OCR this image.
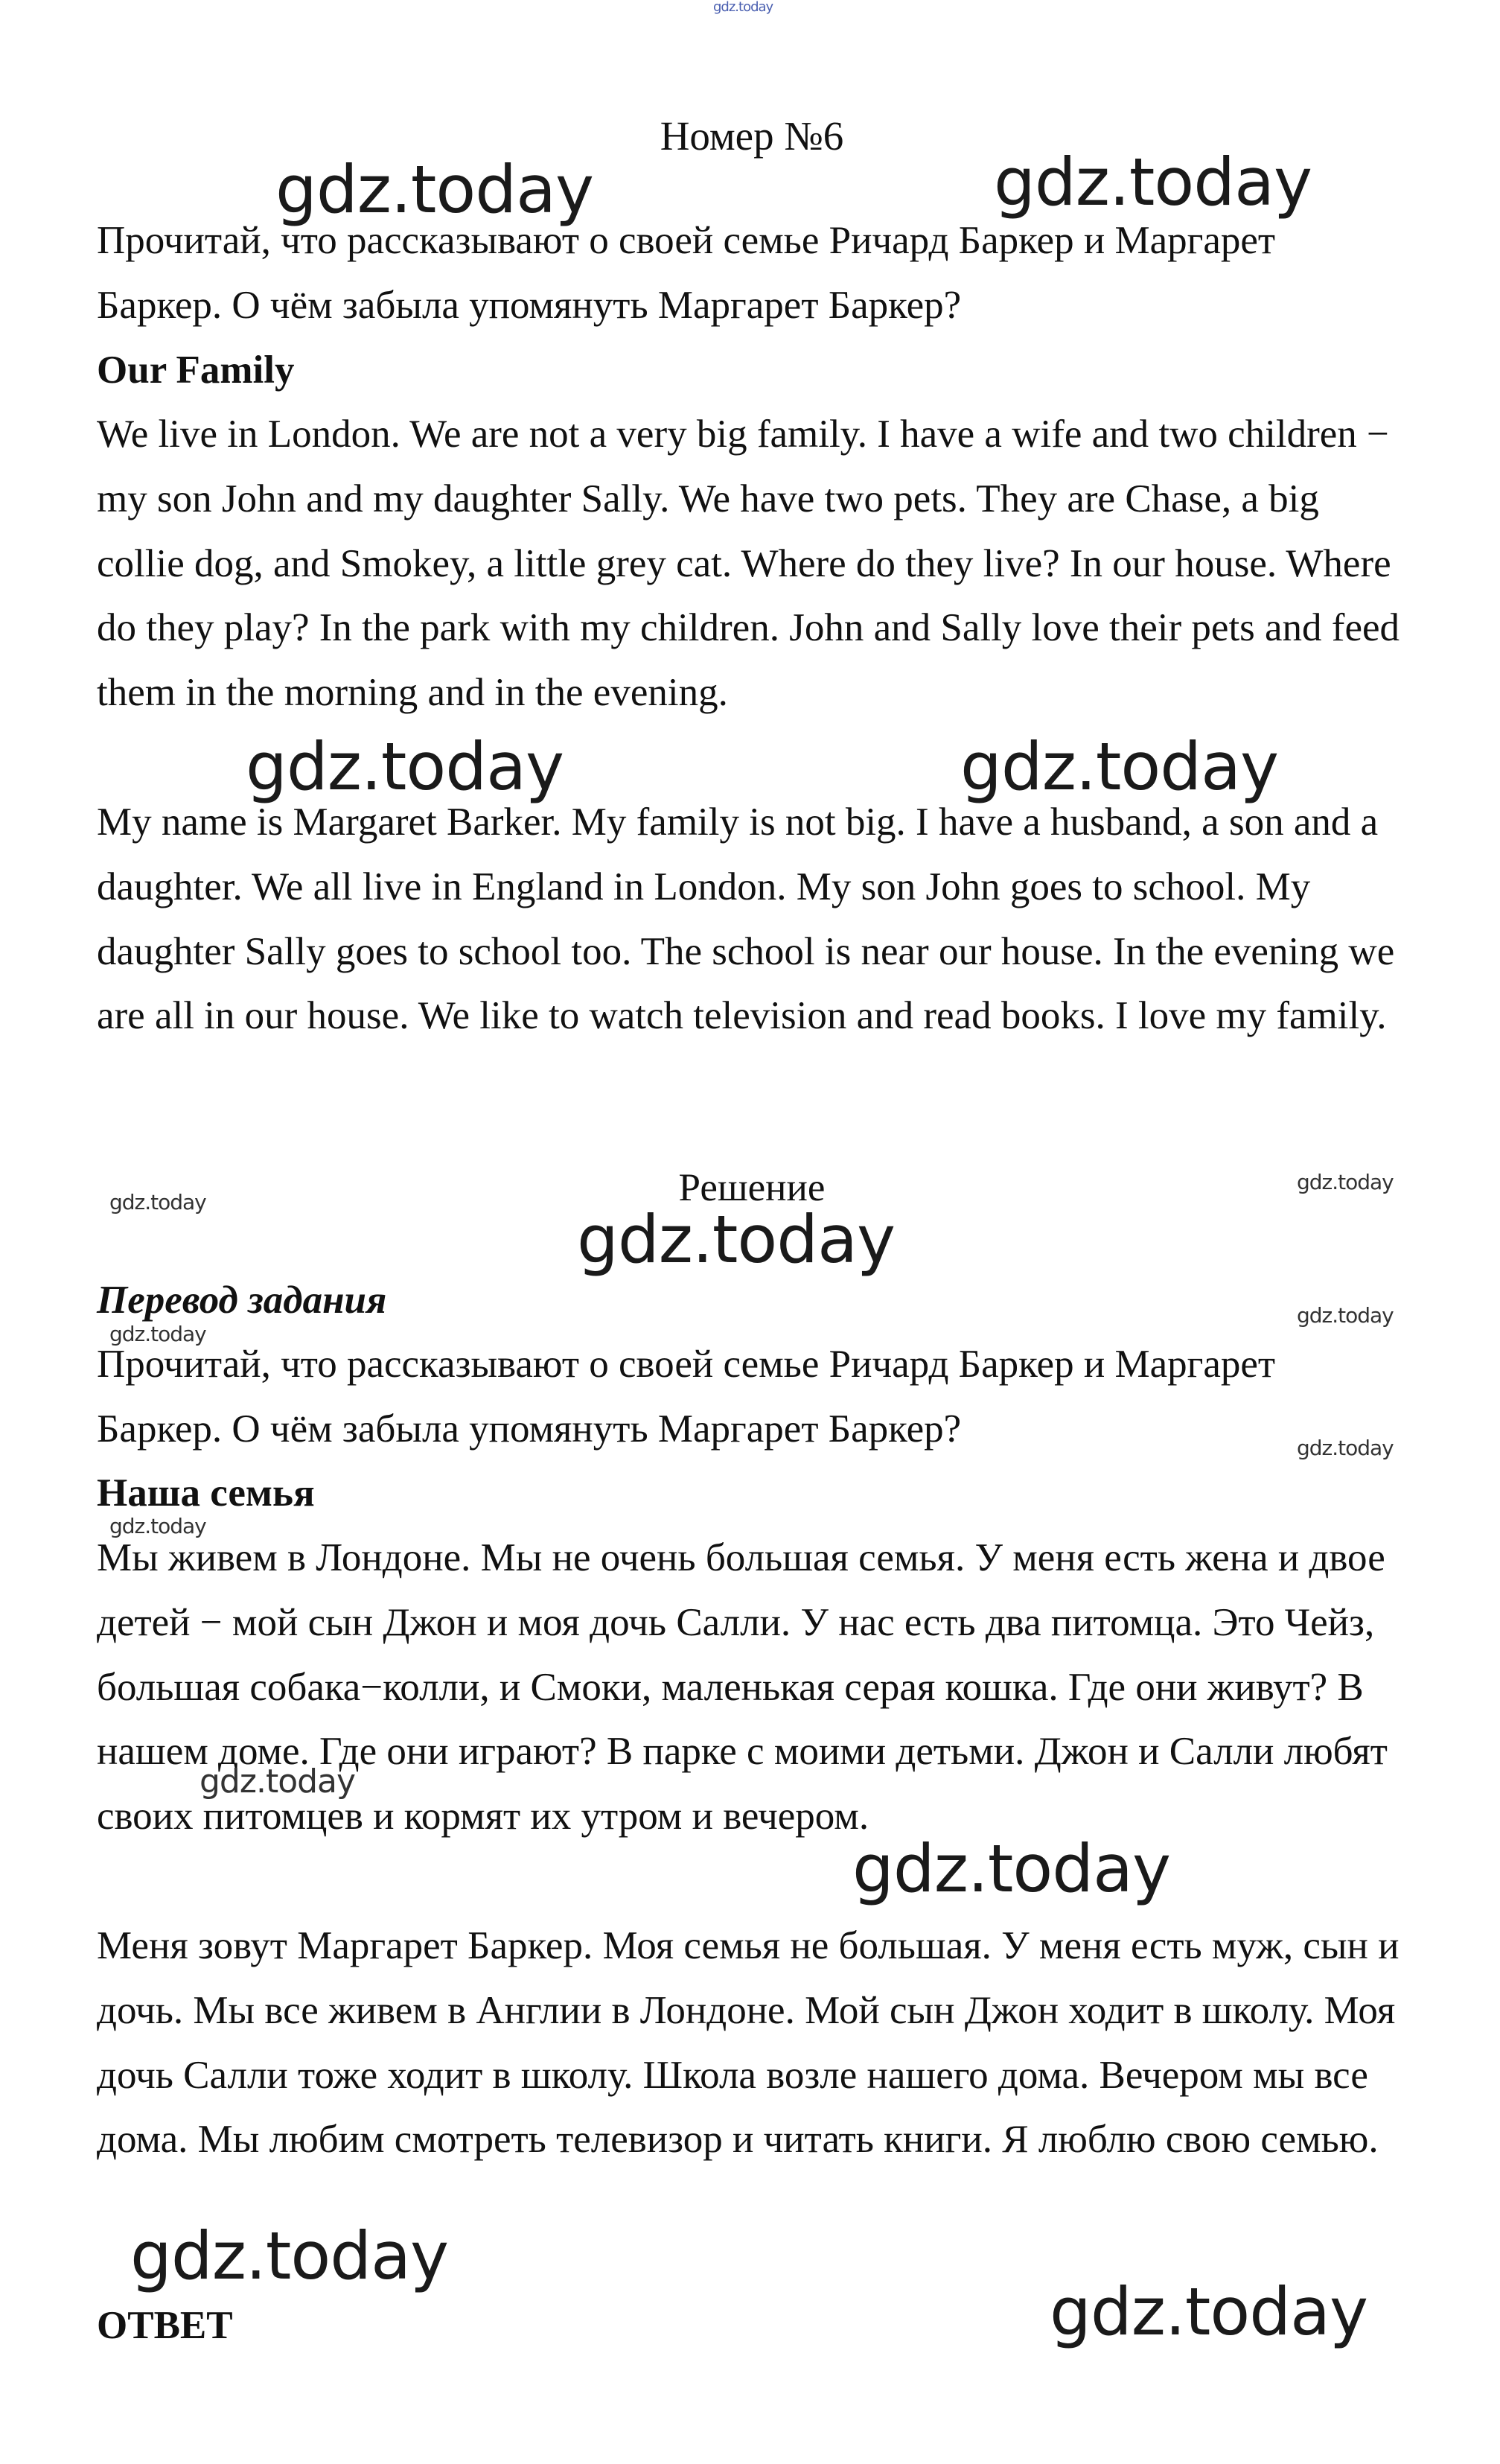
gdz.today
Номер №6

Прочитай, что рассказывают о своей семье Ричард Баркер и Маргарет Баркер. О чём забыла упомянуть Маргарет Баркер?

Our Family

We live in London. We are not a very big family. I have a wife and two children − my son John and my daughter Sally. We have two pets. They are Chase, a big collie dog, and Smokey, a little grey cat. Where do they live? In our house. Where do they play? In the park with my children. John and Sally love their pets and feed them in the morning and in the evening.

My name is Margaret Barker. My family is not big. I have a husband, a son and a daughter. We all live in England in London. My son John goes to school. My daughter Sally goes to school too. The school is near our house. In the evening we are all in our house. We like to watch television and read books. I love my family.

Решение

Перевод задания

Прочитай, что рассказывают о своей семье Ричард Баркер и Маргарет Баркер. О чём забыла упомянуть Маргарет Баркер?

Наша семья

Мы живем в Лондоне. Мы не очень большая семья. У меня есть жена и двое детей − мой сын Джон и моя дочь Салли. У нас есть два питомца. Это Чейз, большая собака−колли, и Смоки, маленькая серая кошка. Где они живут? В нашем доме. Где они играют? В парке с моими детьми. Джон и Салли любят своих питомцев и кормят их утром и вечером.

Меня зовут Маргарет Баркер. Моя семья не большая. У меня есть муж, сын и дочь. Мы все живем в Англии в Лондоне. Мой сын Джон ходит в школу. Моя дочь Салли тоже ходит в школу. Школа возле нашего дома. Вечером мы все дома. Мы любим смотреть телевизор и читать книги. Я люблю свою семью.

ОТВЕТ

gdz.today	gdz.today
gdz.today	gdz.today
gdz.today
gdz.today
gdz.today
gdz.today
gdz.today
gdz.today
gdz.today
gdz.today
gdz.today
gdz.today
gdz.today
